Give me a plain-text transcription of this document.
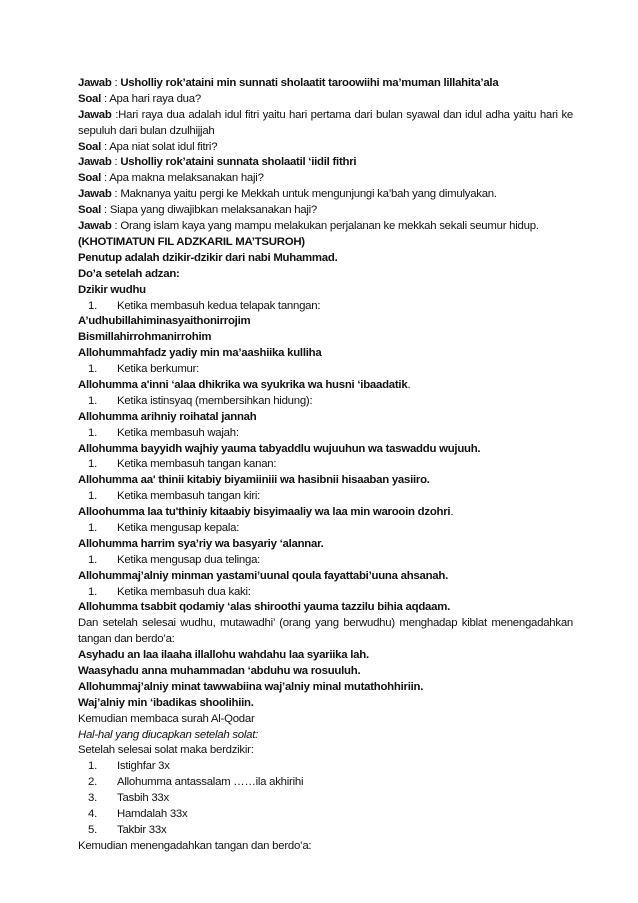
Jawab : Usholliy rok’ataini min sunnati sholaatit taroowiihi ma’muman lillahita’ala
Soal : Apa hari raya dua?
Jawab :Hari raya dua adalah idul fitri yaitu hari pertama dari bulan syawal dan idul adha yaitu hari ke sepuluh dari bulan dzulhijjah
Soal : Apa niat solat idul fitri?
Jawab : Usholliy rok’ataini sunnata sholaatil ‘iidil fithri
Soal : Apa makna melaksanakan haji?
Jawab : Maknanya yaitu pergi ke Mekkah untuk mengunjungi ka’bah yang dimulyakan.
Soal : Siapa yang diwajibkan melaksanakan haji?
Jawab : Orang islam kaya yang mampu melakukan perjalanan ke mekkah sekali seumur hidup.
(KHOTIMATUN FIL ADZKARIL MA’TSUROH)
Penutup adalah dzikir-dzikir dari nabi Muhammad.
Do’a setelah adzan:
Dzikir wudhu
1.	Ketika membasuh kedua telapak tanngan:
A’udhubillahiminasyaithonirrojim
Bismillahirrohmanirrohim
Allohummahfadz yadiy min ma’aashiika kulliha
1.	Ketika berkumur:
Allohumma a'inni ‘alaa dhikrika wa syukrika wa husni ‘ibaadatik.
1.	Ketika istinsyaq (membersihkan hidung):
Allohumma arihniy roihatal jannah
1.	Ketika membasuh wajah:
Allohumma bayyidh wajhiy yauma tabyaddlu wujuuhun wa taswaddu wujuuh.
1.	Ketika membasuh tangan kanan:
Allohumma aa' thinii kitabiy biyamiiniii wa hasibnii hisaaban yasiiro.
1.	Ketika membasuh tangan kiri:
Alloohumma laa tu'thiniy kitaabiy bisyimaaliy wa laa min warooin dzohri.
1.	Ketika mengusap kepala:
Allohumma harrim sya’riy wa basyariy ‘alannar.
1.	Ketika mengusap dua telinga:
Allohummaj’alniy minman yastami’uunal qoula fayattabi’uuna ahsanah.
1.	Ketika membasuh dua kaki:
Allohumma tsabbit qodamiy ‘alas shiroothi yauma tazzilu bihia aqdaam.
Dan setelah selesai wudhu, mutawadhi’ (orang yang berwudhu) menghadap kiblat menengadahkan tangan dan berdo’a:
Asyhadu an laa ilaaha illallohu wahdahu laa syariika lah.
Waasyhadu anna muhammadan ‘abduhu wa rosuuluh.
Allohummaj’alniy minat tawwabiina waj’alniy minal mutathohhiriin.
Waj’alniy min ‘ibadikas shoolihiin.
Kemudian membaca surah Al-Qodar
Hal-hal yang diucapkan setelah solat:
Setelah selesai solat maka berdzikir:
1.	Istighfar 3x
2.	Allohumma antassalam ……ila akhirihi
3.	Tasbih 33x
4.	Hamdalah 33x
5.	Takbir 33x
Kemudian menengadahkan tangan dan berdo’a:
